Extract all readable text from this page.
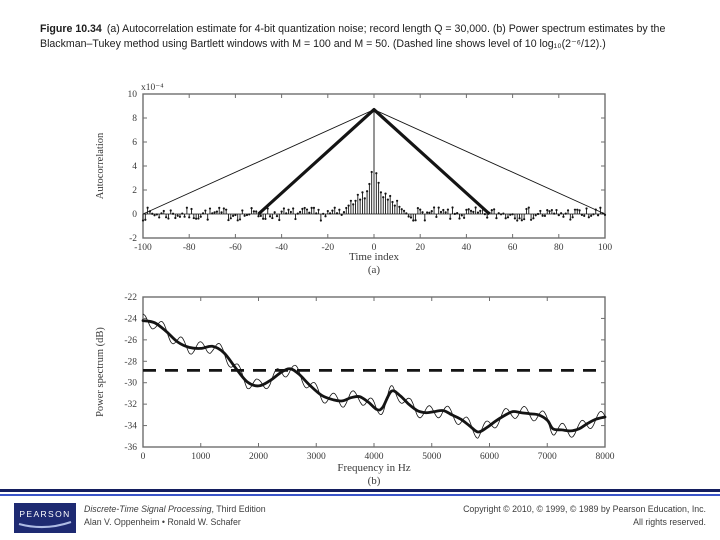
Figure 10.34 (a) Autocorrelation estimate for 4-bit quantization noise; record length Q = 30,000. (b) Power spectrum estimates by the Blackman–Tukey method using Bartlett windows with M = 100 and M = 50. (Dashed line shows level of 10 log₁₀(2⁻⁶/12).)
-100	-80	-60	-40	-20	0	20	40	60	80	100
-2
0
2
4
6
8
10
Time index
(a)
Autocorrelation
x10⁻⁴
0	1000	2000	3000	4000	5000	6000	7000	8000
-36
-34
-32
-30
-28
-26
-24
-22
Frequency in Hz
(b)
Power spectrum (dB)
PEARSON Discrete-Time Signal Processing, Third Edition
Alan V. Oppenheim • Ronald W. Schafer
Copyright © 2010, © 1999, © 1989 by Pearson Education, Inc.
All rights reserved.
